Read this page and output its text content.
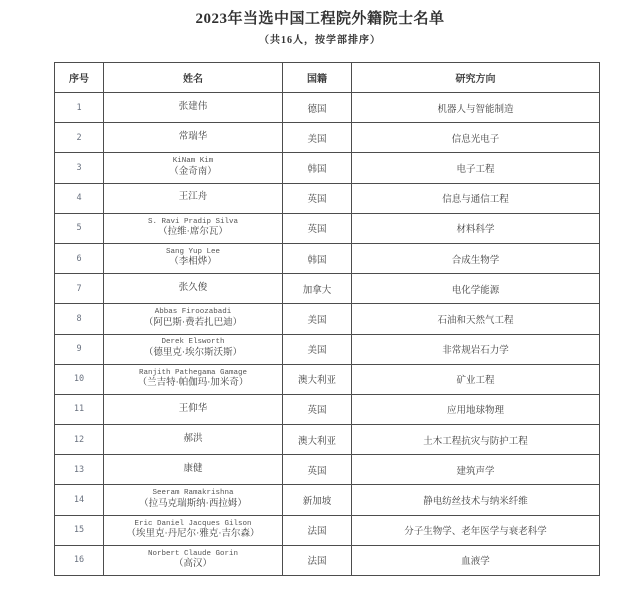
2023年当选中国工程院外籍院士名单
（共16人，按学部排序）
序号	姓名	国籍	研究方向
1	张建伟	德国	机器人与智能制造
2	常瑞华	美国	信息光电子
3	KiNam Kim
（金奇南）	韩国	电子工程
4	王江舟	英国	信息与通信工程
5	S. Ravi Pradip Silva
（拉维·席尔瓦）	英国	材料科学
6	Sang Yup Lee
（李相烨）	韩国	合成生物学
7	张久俊	加拿大	电化学能源
8	Abbas Firoozabadi
（阿巴斯·费若扎巴迪）	美国	石油和天然气工程
9	Derek Elsworth
（德里克·埃尔斯沃斯）	美国	非常规岩石力学
10	Ranjith Pathegama Gamage
（兰吉特·帕伽玛·加米奇）	澳大利亚	矿业工程
11	王仰华	英国	应用地球物理
12	郝洪	澳大利亚	土木工程抗灾与防护工程
13	康健	英国	建筑声学
14	Seeram Ramakrishna
（拉马克瑞斯纳·西拉姆）	新加坡	静电纺丝技术与纳米纤维
15	Eric Daniel Jacques Gilson
（埃里克·丹尼尔·雅克·吉尔森）	法国	分子生物学、老年医学与衰老科学
16	Norbert Claude Gorin
（高汉）	法国	血液学
